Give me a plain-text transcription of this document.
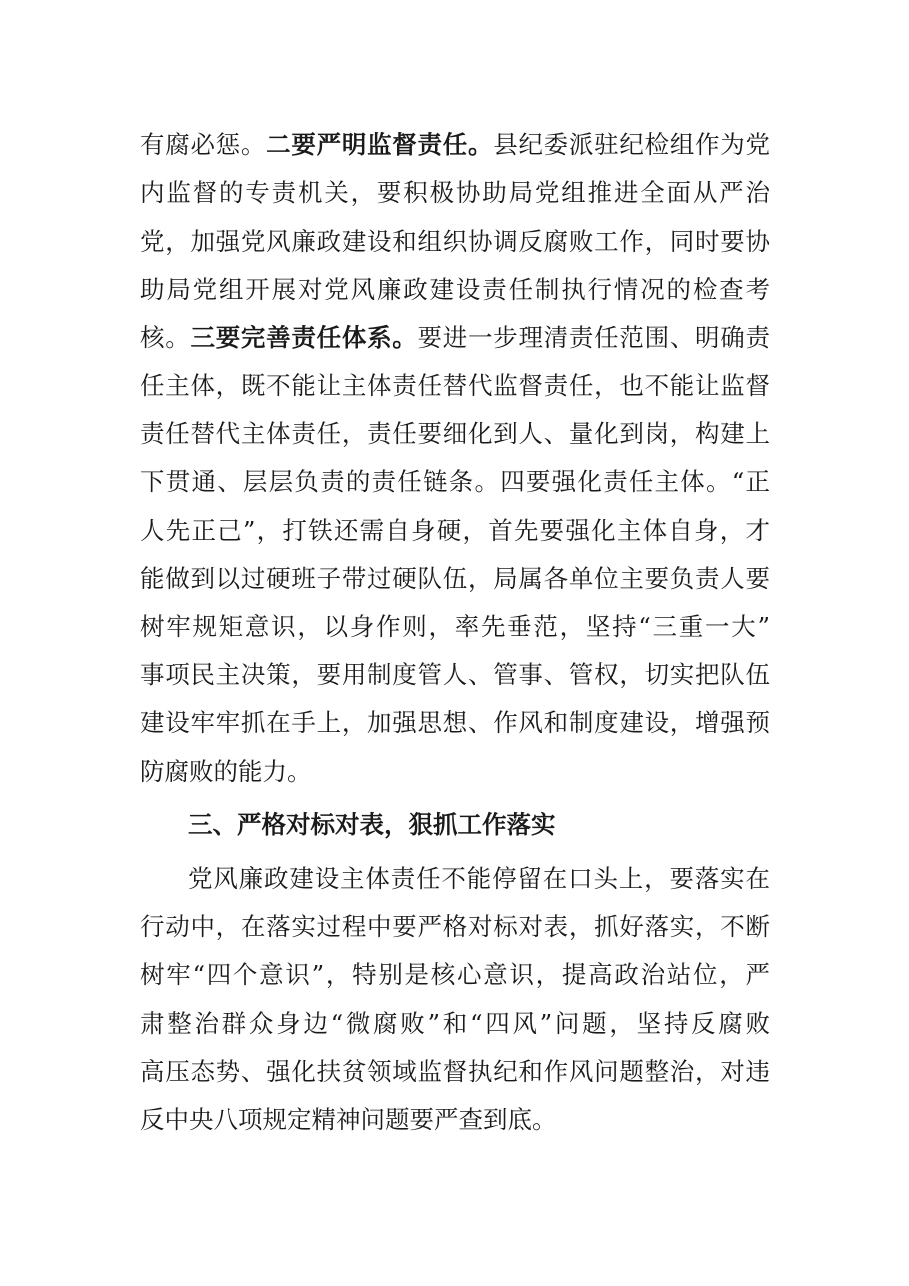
有腐必惩。二要严明监督责任。县纪委派驻纪检组作为党
内监督的专责机关，要积极协助局党组推进全面从严治
党，加强党风廉政建设和组织协调反腐败工作，同时要协
助局党组开展对党风廉政建设责任制执行情况的检查考
核。三要完善责任体系。要进一步理清责任范围、明确责
任主体，既不能让主体责任替代监督责任，也不能让监督
责任替代主体责任，责任要细化到人、量化到岗，构建上
下贯通、层层负责的责任链条。四要强化责任主体。“正
人先正己”，打铁还需自身硬，首先要强化主体自身，才
能做到以过硬班子带过硬队伍，局属各单位主要负责人要
树牢规矩意识，以身作则，率先垂范，坚持“三重一大”
事项民主决策，要用制度管人、管事、管权，切实把队伍
建设牢牢抓在手上，加强思想、作风和制度建设，增强预
防腐败的能力。
三、严格对标对表，狠抓工作落实
党风廉政建设主体责任不能停留在口头上，要落实在
行动中，在落实过程中要严格对标对表，抓好落实，不断
树牢“四个意识”，特别是核心意识，提高政治站位，严
肃整治群众身边“微腐败”和“四风”问题，坚持反腐败
高压态势、强化扶贫领域监督执纪和作风问题整治，对违
反中央八项规定精神问题要严查到底。
